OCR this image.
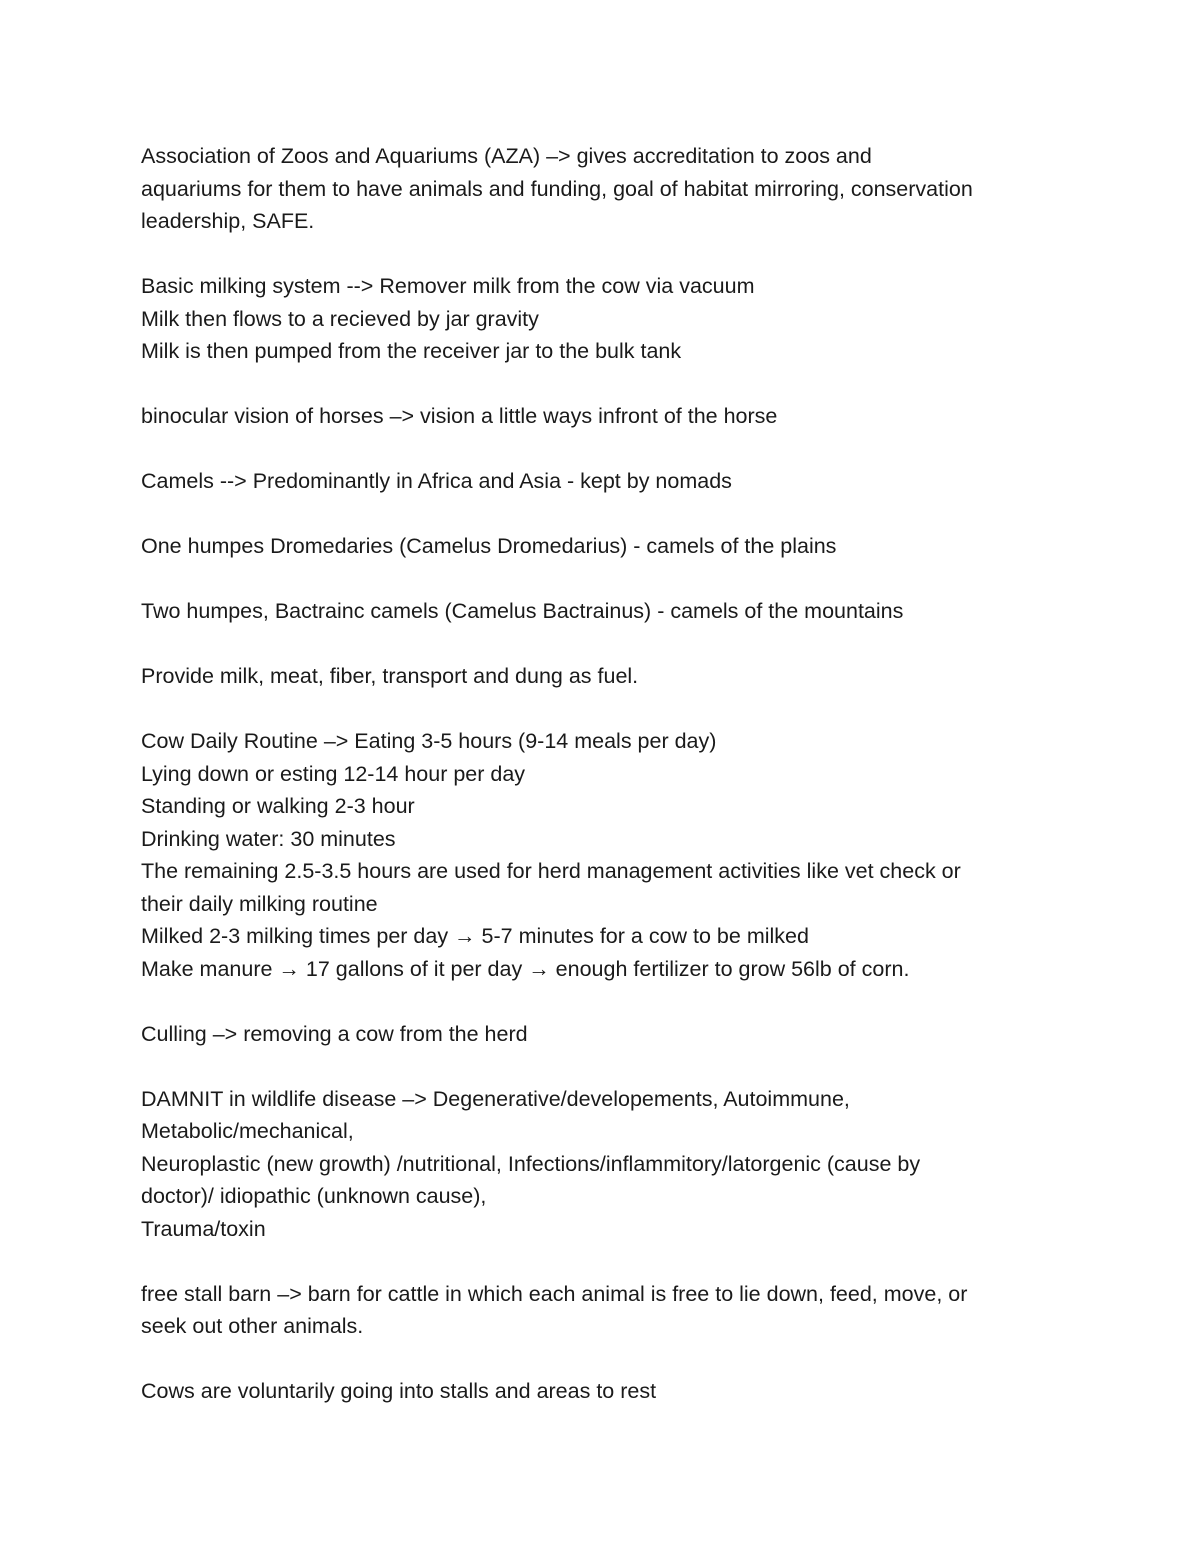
Association of Zoos and Aquariums (AZA) –> gives accreditation to zoos and
aquariums for them to have animals and funding, goal of habitat mirroring, conservation
leadership, SAFE.
Basic milking system --> Remover milk from the cow via vacuum
Milk then flows to a recieved by jar gravity
Milk is then pumped from the receiver jar to the bulk tank
binocular vision of horses –> vision a little ways infront of the horse
Camels --> Predominantly in Africa and Asia - kept by nomads
One humpes Dromedaries (Camelus Dromedarius) - camels of the plains
Two humpes, Bactrainc camels (Camelus Bactrainus) - camels of the mountains
Provide milk, meat, fiber, transport and dung as fuel.
Cow Daily Routine –> Eating 3-5 hours (9-14 meals per day)
Lying down or esting 12-14 hour per day
Standing or walking 2-3 hour
Drinking water: 30 minutes
The remaining 2.5-3.5 hours are used for herd management activities like vet check or
their daily milking routine
Milked 2-3 milking times per day → 5-7 minutes for a cow to be milked
Make manure → 17 gallons of it per day → enough fertilizer to grow 56lb of corn.
Culling –> removing a cow from the herd
DAMNIT in wildlife disease –> Degenerative/developements, Autoimmune,
Metabolic/mechanical,
Neuroplastic (new growth) /nutritional, Infections/inflammitory/latorgenic (cause by
doctor)/ idiopathic (unknown cause),
Trauma/toxin
free stall barn –> barn for cattle in which each animal is free to lie down, feed, move, or
seek out other animals.
Cows are voluntarily going into stalls and areas to rest
